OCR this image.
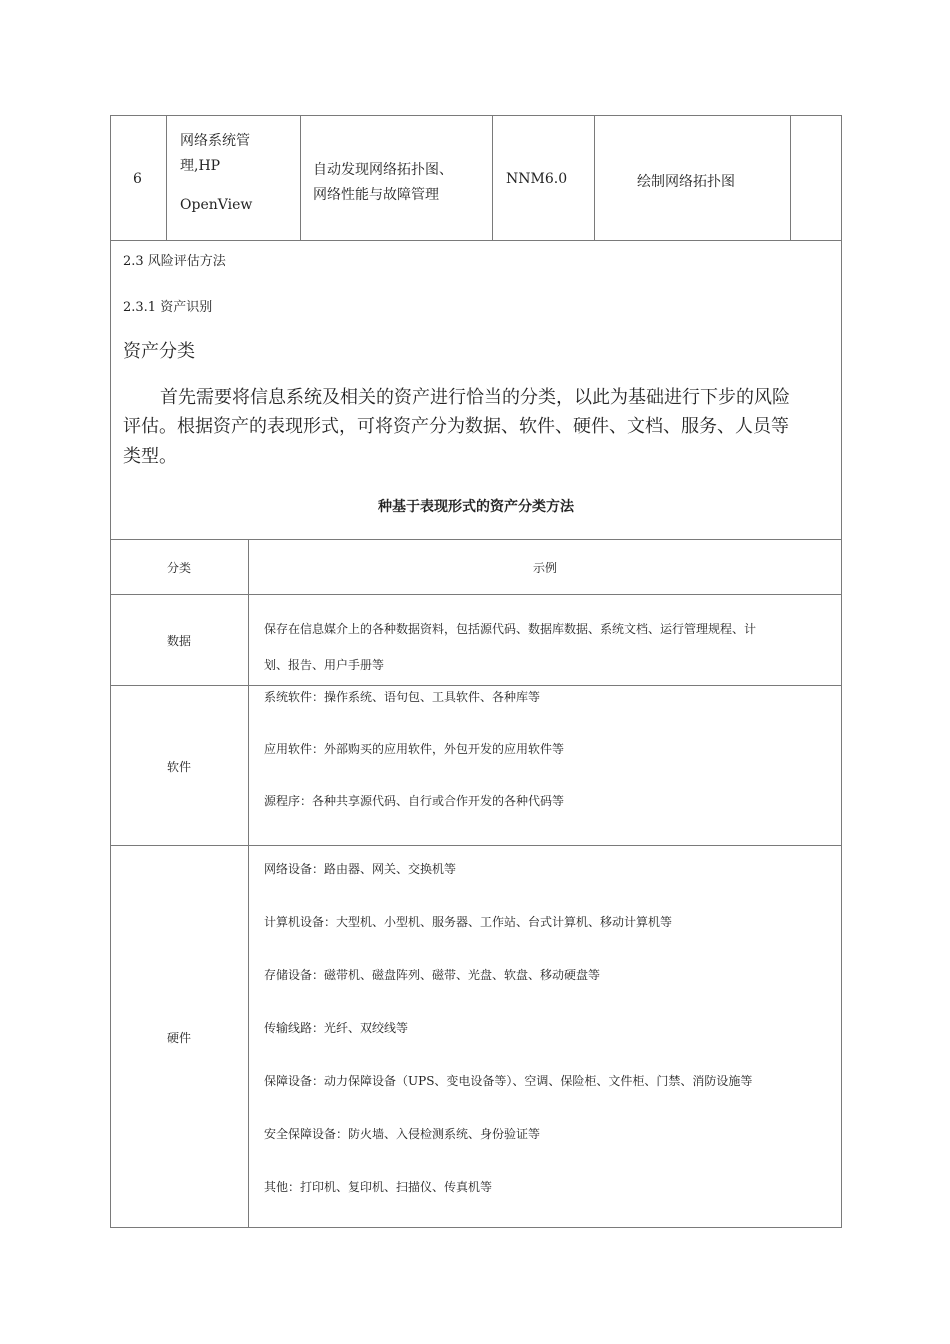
6
网络系统管
理,HP
OpenView
自动发现网络拓扑图、
网络性能与故障管理
NNM6.0	绘制网络拓扑图
2.3 风险评估方法
2.3.1 资产识别
资产分类
首先需要将信息系统及相关的资产进行恰当的分类，以此为基础进行下步的风险
评估。根据资产的表现形式，可将资产分为数据、软件、硬件、文档、服务、人员等
类型。
种基于表现形式的资产分类方法
分类	示例
数据
保存在信息媒介上的各种数据资料，包括源代码、数据库数据、系统文档、运行管理规程、计
划、报告、用户手册等
软件
系统软件：操作系统、语句包、工具软件、各种库等
应用软件：外部购买的应用软件，外包开发的应用软件等
源程序：各种共享源代码、自行或合作开发的各种代码等
硬件
网络设备：路由器、网关、交换机等
计算机设备：大型机、小型机、服务器、工作站、台式计算机、移动计算机等
存储设备：磁带机、磁盘阵列、磁带、光盘、软盘、移动硬盘等
传输线路：光纤、双绞线等
保障设备：动力保障设备（UPS、变电设备等）、空调、保险柜、文件柜、门禁、消防设施等
安全保障设备：防火墙、入侵检测系统、身份验证等
其他：打印机、复印机、扫描仪、传真机等
